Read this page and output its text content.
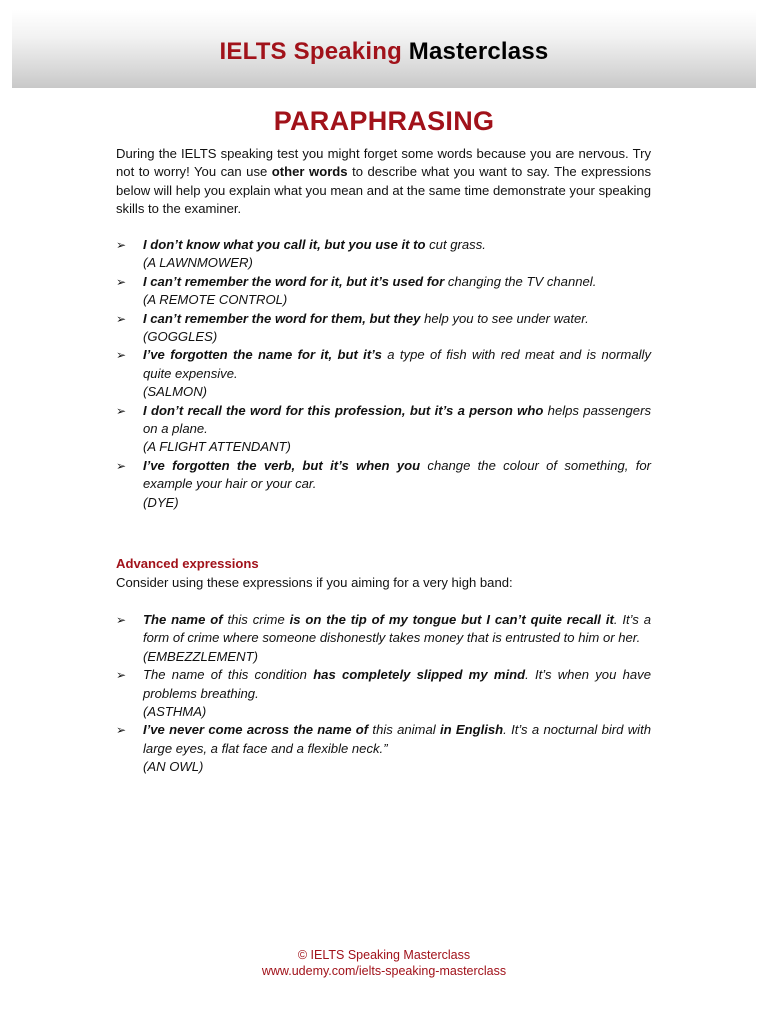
IELTS Speaking Masterclass
PARAPHRASING
During the IELTS speaking test you might forget some words because you are nervous. Try not to worry! You can use other words to describe what you want to say. The expressions below will help you explain what you mean and at the same time demonstrate your speaking skills to the examiner.
➢ I don’t know what you call it, but you use it to cut grass.
(A LAWNMOWER)
➢ I can’t remember the word for it, but it’s used for changing the TV channel.
(A REMOTE CONTROL)
➢ I can’t remember the word for them, but they help you to see under water.
(GOGGLES)
➢ I’ve forgotten the name for it, but it’s a type of fish with red meat and is normally quite expensive.
(SALMON)
➢ I don’t recall the word for this profession, but it’s a person who helps passengers on a plane.
(A FLIGHT ATTENDANT)
➢ I’ve forgotten the verb, but it’s when you change the colour of something, for example your hair or your car.
(DYE)
Advanced expressions
Consider using these expressions if you aiming for a very high band:
➢ The name of this crime is on the tip of my tongue but I can’t quite recall it. It’s a form of crime where someone dishonestly takes money that is entrusted to him or her.
(EMBEZZLEMENT)
➢ The name of this condition has completely slipped my mind. It’s when you have problems breathing.
(ASTHMA)
➢ I’ve never come across the name of this animal in English. It’s a nocturnal bird with large eyes, a flat face and a flexible neck.”
(AN OWL)
© IELTS Speaking Masterclass
www.udemy.com/ielts-speaking-masterclass
